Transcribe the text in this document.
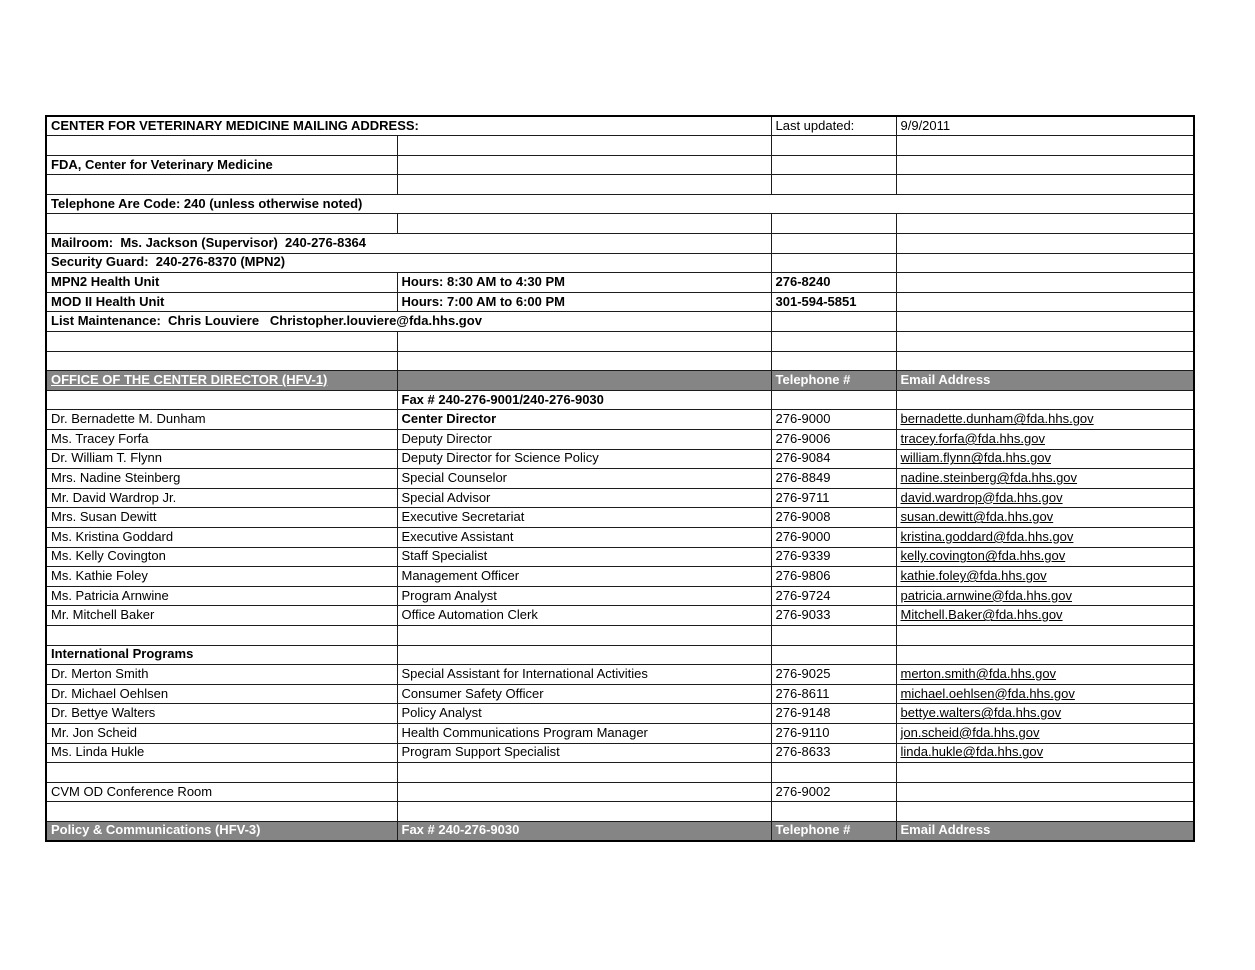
CENTER FOR VETERINARY MEDICINE MAILING ADDRESS:		Last updated:	9/9/2011

FDA, Center for Veterinary Medicine			

Telephone Are Code: 240 (unless otherwise noted)			

Mailroom:  Ms. Jackson (Supervisor)  240-276-8364			
Security Guard:  240-276-8370 (MPN2)			
MPN2 Health Unit	Hours: 8:30 AM to 4:30 PM	276-8240	
MOD II Health Unit	Hours: 7:00 AM to 6:00 PM	301-594-5851	
List Maintenance:  Chris Louviere   Christopher.louviere@fda.hhs.gov			

OFFICE OF THE CENTER DIRECTOR (HFV-1)		Telephone #	Email Address
	Fax # 240-276-9001/240-276-9030		
Dr. Bernadette M. Dunham	Center Director	276-9000	bernadette.dunham@fda.hhs.gov
Ms. Tracey Forfa	Deputy Director	276-9006	tracey.forfa@fda.hhs.gov
Dr. William T. Flynn	Deputy Director for Science Policy	276-9084	william.flynn@fda.hhs.gov
Mrs. Nadine Steinberg	Special Counselor	276-8849	nadine.steinberg@fda.hhs.gov
Mr. David Wardrop Jr.	Special Advisor	276-9711	david.wardrop@fda.hhs.gov
Mrs. Susan Dewitt	Executive Secretariat	276-9008	susan.dewitt@fda.hhs.gov
Ms. Kristina Goddard	Executive Assistant	276-9000	kristina.goddard@fda.hhs.gov
Ms. Kelly Covington	Staff Specialist	276-9339	kelly.covington@fda.hhs.gov
Ms. Kathie Foley	Management Officer	276-9806	kathie.foley@fda.hhs.gov
Ms. Patricia Arnwine	Program Analyst	276-9724	patricia.arnwine@fda.hhs.gov
Mr. Mitchell Baker	Office Automation Clerk	276-9033	Mitchell.Baker@fda.hhs.gov

International Programs			
Dr. Merton Smith	Special Assistant for International Activities	276-9025	merton.smith@fda.hhs.gov
Dr. Michael Oehlsen	Consumer Safety Officer	276-8611	michael.oehlsen@fda.hhs.gov
Dr. Bettye Walters	Policy Analyst	276-9148	bettye.walters@fda.hhs.gov
Mr. Jon Scheid	Health Communications Program Manager	276-9110	jon.scheid@fda.hhs.gov
Ms. Linda Hukle	Program Support Specialist	276-8633	linda.hukle@fda.hhs.gov

CVM OD Conference Room		276-9002	

Policy & Communications (HFV-3)	Fax # 240-276-9030	Telephone #	Email Address
